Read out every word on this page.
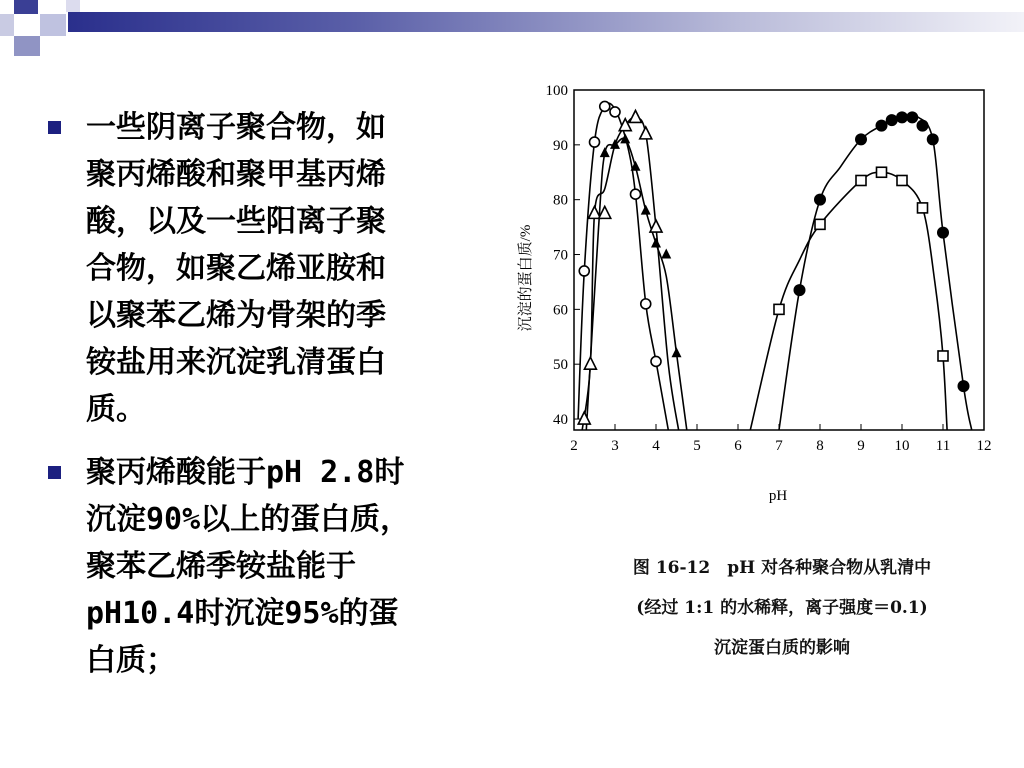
一些阴离子聚合物，如
聚丙烯酸和聚甲基丙烯
酸，以及一些阳离子聚
合物，如聚乙烯亚胺和
以聚苯乙烯为骨架的季
铵盐用来沉淀乳清蛋白
质。
聚丙烯酸能于pH 2.8时
沉淀90%以上的蛋白质，
聚苯乙烯季铵盐能于
pH10.4时沉淀95%的蛋
白质；
2 3 4 5 6 7 8 9 10 11 12
40
50
60
70
80
90
100
沉淀的蛋白质/%
pH
图 16-12　pH 对各种聚合物从乳清中
(经过 1:1 的水稀释，离子强度＝0.1)
沉淀蛋白质的影响
